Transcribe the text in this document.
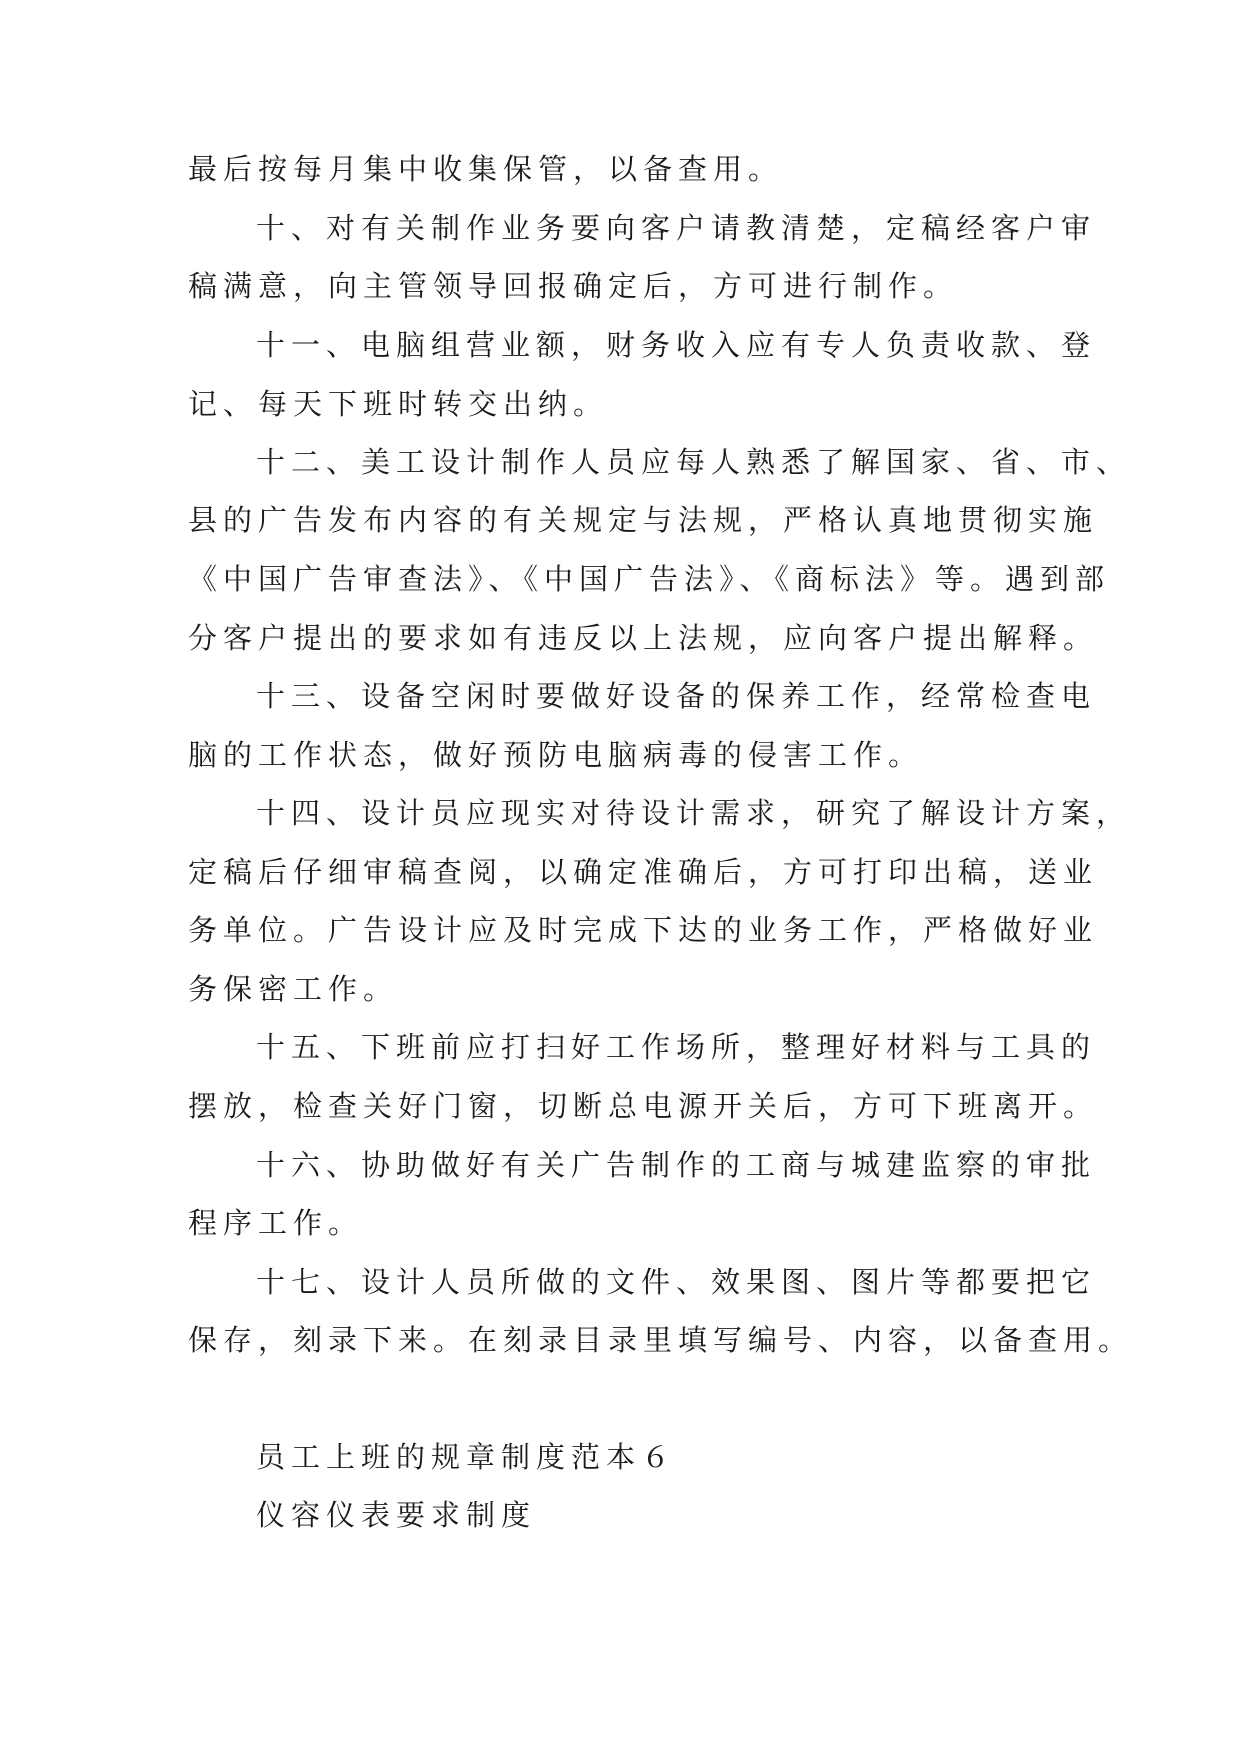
最后按每月集中收集保管，以备查用。
十、对有关制作业务要向客户请教清楚，定稿经客户审
稿满意，向主管领导回报确定后，方可进行制作。
十一、电脑组营业额，财务收入应有专人负责收款、登
记、每天下班时转交出纳。
十二、美工设计制作人员应每人熟悉了解国家、省、市、
县的广告发布内容的有关规定与法规，严格认真地贯彻实施
《中国广告审查法》、《中国广告法》、《商标法》等。遇到部
分客户提出的要求如有违反以上法规，应向客户提出解释。
十三、设备空闲时要做好设备的保养工作，经常检查电
脑的工作状态，做好预防电脑病毒的侵害工作。
十四、设计员应现实对待设计需求，研究了解设计方案，
定稿后仔细审稿查阅，以确定准确后，方可打印出稿，送业
务单位。广告设计应及时完成下达的业务工作，严格做好业
务保密工作。
十五、下班前应打扫好工作场所，整理好材料与工具的
摆放，检查关好门窗，切断总电源开关后，方可下班离开。
十六、协助做好有关广告制作的工商与城建监察的审批
程序工作。
十七、设计人员所做的文件、效果图、图片等都要把它
保存，刻录下来。在刻录目录里填写编号、内容，以备查用。
员工上班的规章制度范本６
仪容仪表要求制度
